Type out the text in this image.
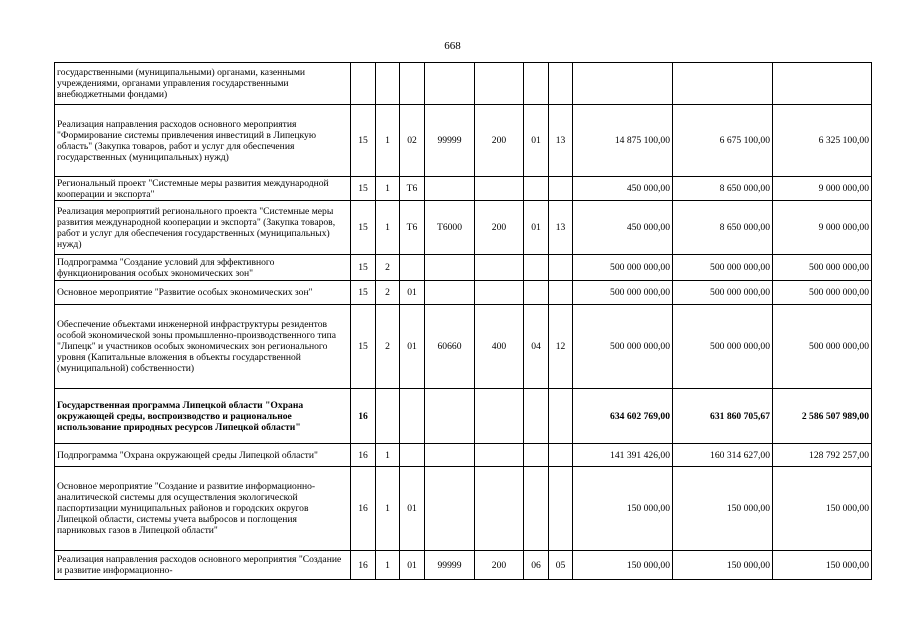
668
государственными (муниципальными) органами, казенными учреждениями, органами управления государственными внебюджетными фондами)										
Реализация направления расходов основного мероприятия "Формирование системы привлечения инвестиций в Липецкую область" (Закупка товаров, работ и услуг для обеспечения государственных (муниципальных) нужд)	15	1	02	99999	200	01	13	14 875 100,00	6 675 100,00	6 325 100,00
Региональный проект "Системные меры развития международной кооперации и экспорта"	15	1	Т6					450 000,00	8 650 000,00	9 000 000,00
Реализация мероприятий регионального проекта "Системные меры развития международной кооперации и экспорта" (Закупка товаров, работ и услуг для обеспечения государственных (муниципальных) нужд)	15	1	Т6	Т6000	200	01	13	450 000,00	8 650 000,00	9 000 000,00
Подпрограмма "Создание условий для эффективного функционирования особых экономических зон"	15	2						500 000 000,00	500 000 000,00	500 000 000,00
Основное мероприятие "Развитие особых экономических зон"	15	2	01					500 000 000,00	500 000 000,00	500 000 000,00
Обеспечение объектами инженерной инфраструктуры резидентов особой экономической зоны промышленно-производственного типа "Липецк" и участников особых экономических зон регионального уровня (Капитальные вложения в объекты государственной (муниципальной) собственности)	15	2	01	60660	400	04	12	500 000 000,00	500 000 000,00	500 000 000,00
Государственная программа Липецкой области "Охрана окружающей среды, воспроизводство и рациональное использование природных ресурсов Липецкой области"	16							634 602 769,00	631 860 705,67	2 586 507 989,00
Подпрограмма "Охрана окружающей среды Липецкой области"	16	1						141 391 426,00	160 314 627,00	128 792 257,00
Основное мероприятие "Создание и развитие информационно-аналитической системы для осуществления экологической паспортизации муниципальных районов и городских округов Липецкой области, системы учета выбросов и поглощения парниковых газов в Липецкой области"	16	1	01					150 000,00	150 000,00	150 000,00
Реализация направления расходов основного мероприятия "Создание и развитие информационно-	16	1	01	99999	200	06	05	150 000,00	150 000,00	150 000,00
